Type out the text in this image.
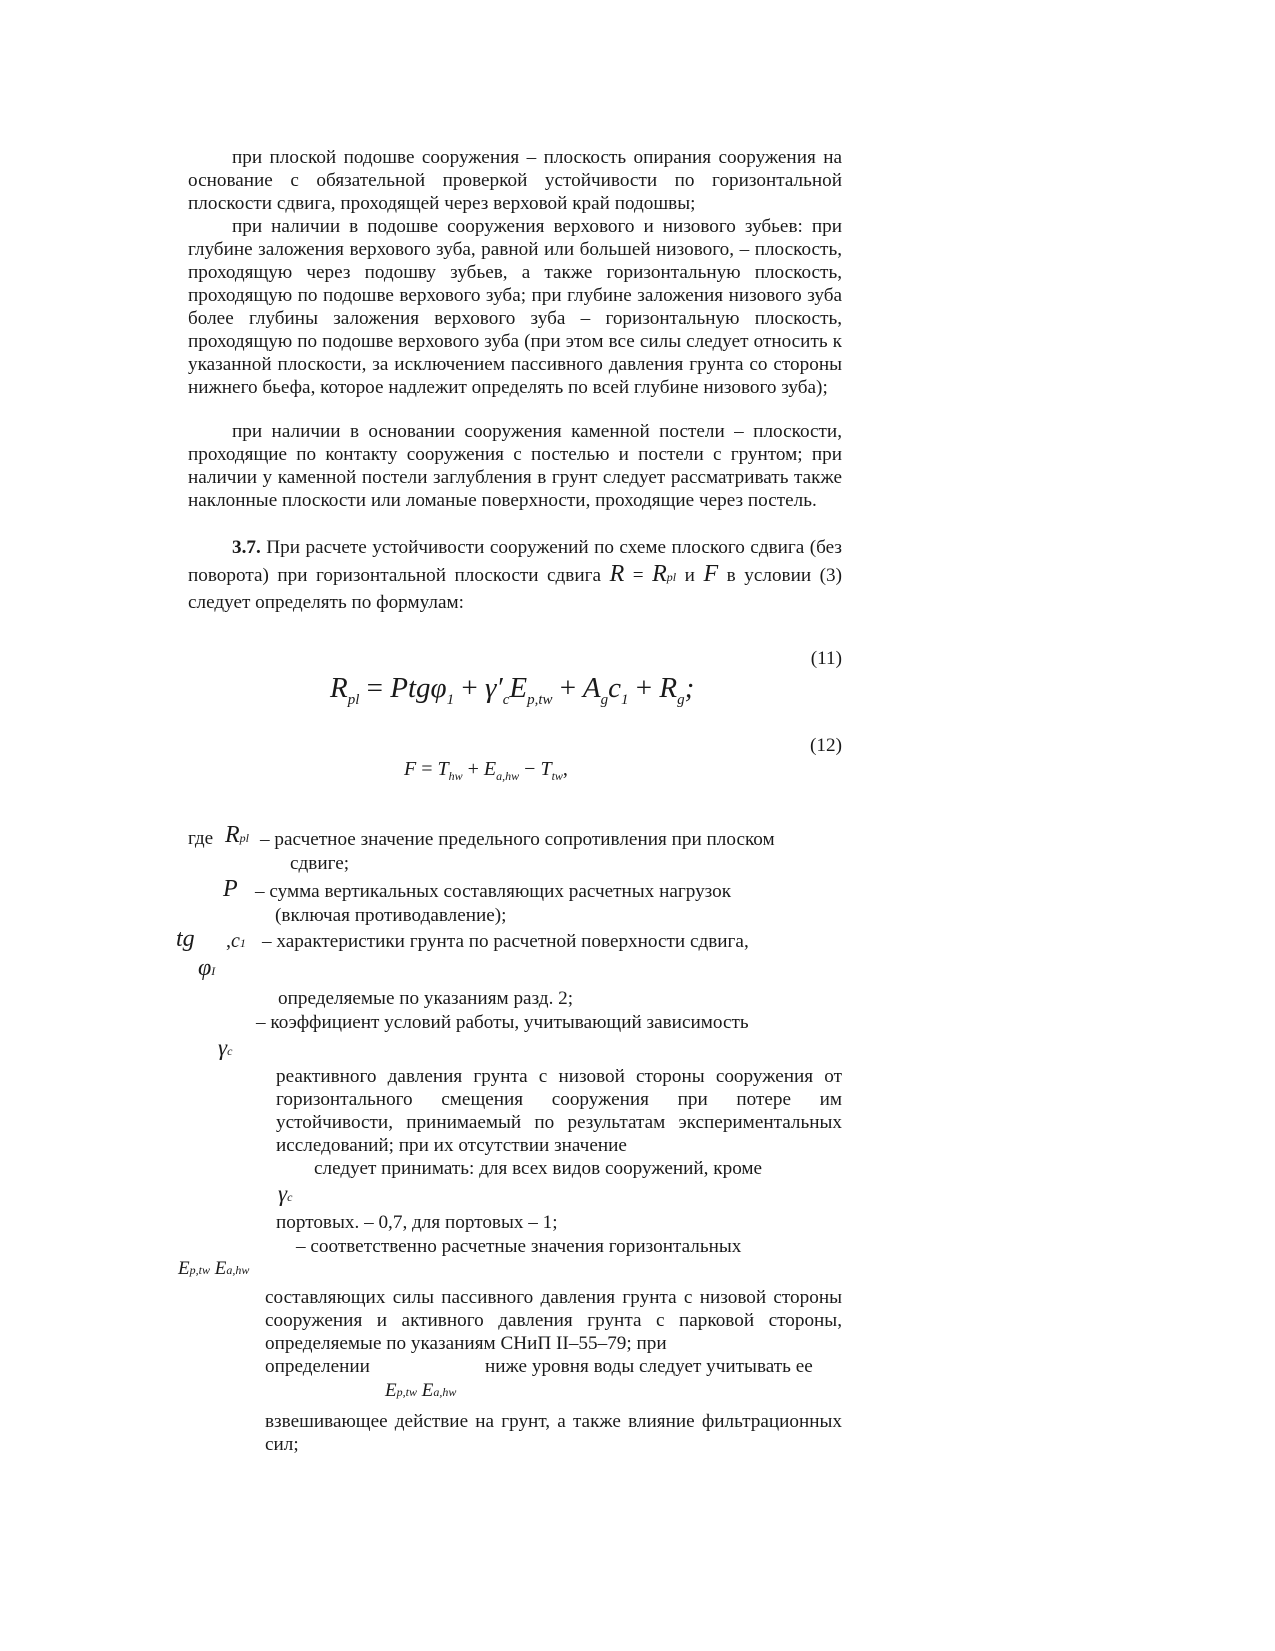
при плоской подошве сооружения – плоскость опирания сооружения на основание с обязательной проверкой устойчивости по горизонтальной плоскости сдвига, проходящей через верховой край подошвы;

при наличии в подошве сооружения верхового и низового зубьев: при глубине заложения верхового зуба, равной или большей низового, – плоскость, проходящую через подошву зубьев, а также горизонтальную плоскость, проходящую по подошве верхового зуба; при глубине заложения низового зуба более глубины заложения верхового зуба – горизонтальную плоскость, проходящую по подошве верхового зуба (при этом все силы следует относить к указанной плоскости, за исключением пассивного давления грунта со стороны нижнего бьефа, которое надлежит определять по всей глубине низового зуба);

при наличии в основании сооружения каменной постели – плоскости, проходящие по контакту сооружения с постелью и постели с грунтом; при наличии у каменной постели заглубления в грунт следует рассматривать также наклонные плоскости или ломаные поверхности, проходящие через постель.

3.7. При расчете устойчивости сооружений по схеме плоского сдвига (без поворота) при горизонтальной плоскости сдвига R = Rpl и F в условии (3) следует определять по формулам:

(11)
$R_{pl} = Ptg\varphi_1 + \gamma'_cE_{p,tw} + A_gc_1 + R_g$;
(12)
$F = T_{hw} + E_{a,hw} - T_{tw}$,
где Rpl – расчетное значение предельного сопротивления при плоском

сдвиге;

P – сумма вертикальных составляющих расчетных нагрузок

(включая противодавление);

tg ,c1
φI

– характеристики грунта по расчетной поверхности сдвига,

определяемые по указаниям разд. 2;

– коэффициент условий работы, учитывающий зависимость

γc

реактивного давления грунта с низовой стороны сооружения от горизонтального смещения сооружения при потере им устойчивости, принимаемый по результатам экспериментальных исследований; при их отсутствии значение

следует принимать: для всех видов сооружений, кроме

γc

портовых. – 0,7, для портовых – 1;

Ep,tw Ea,hw

– соответственно расчетные значения горизонтальных

составляющих силы пассивного давления грунта с низовой стороны сооружения и активного давления грунта с парковой стороны, определяемые по указаниям СНиП II–55–79; при

определении	ниже уровня воды следует учитывать ее

Ep,tw Ea,hw

взвешивающее действие на грунт, а также влияние фильтрационных сил;
